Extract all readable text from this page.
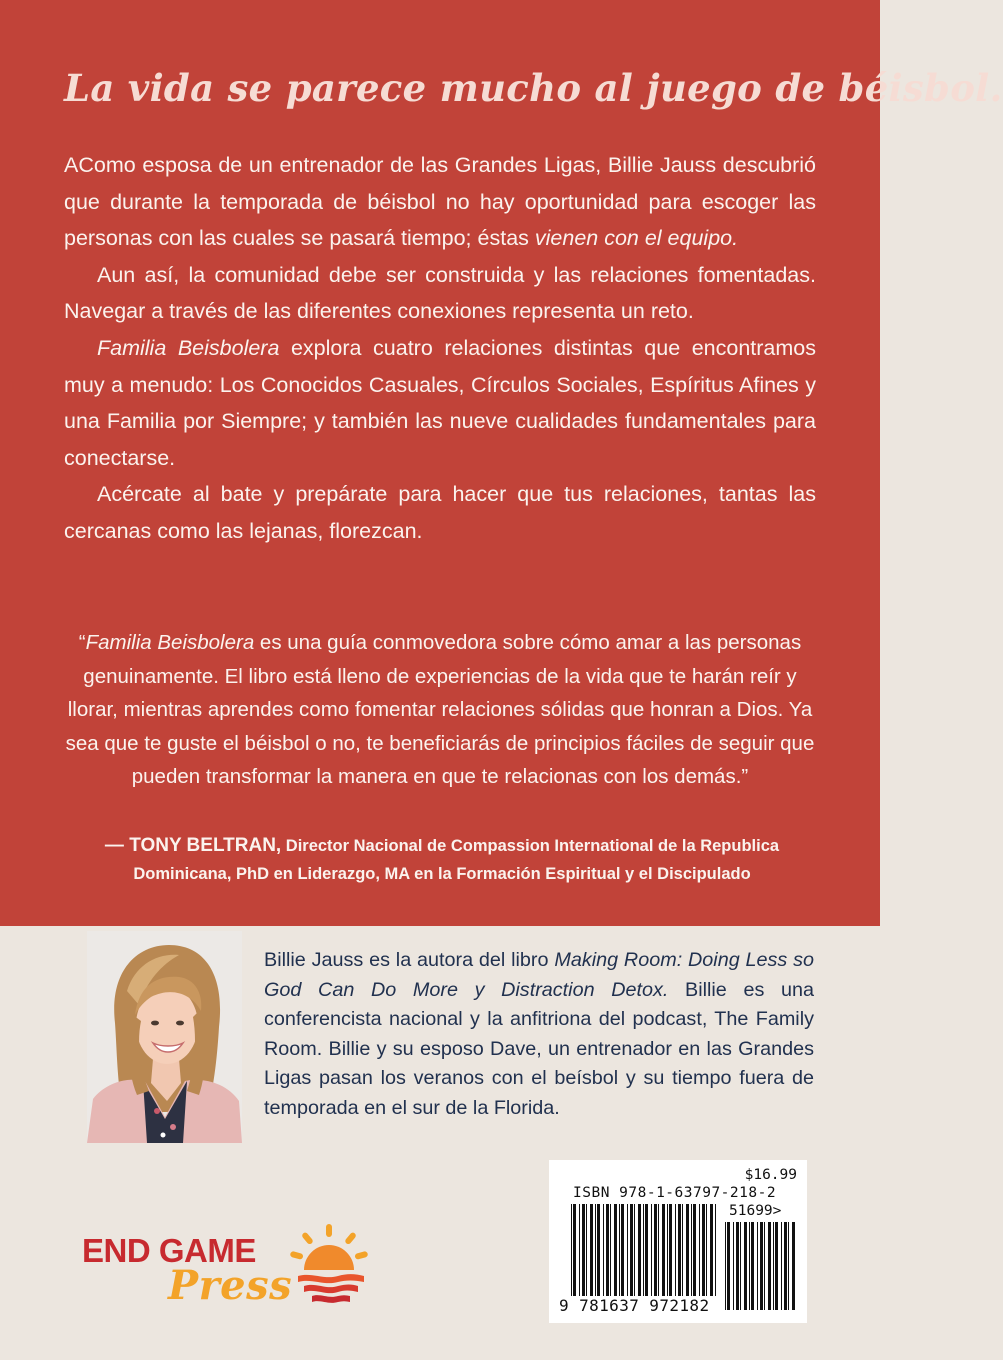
La vida se parece mucho al juego de béisbol.

AComo esposa de un entrenador de las Grandes Ligas, Billie Jauss descubrió que durante la temporada de béisbol no hay oportunidad para escoger las personas con las cuales se pasará tiempo; éstas vienen con el equipo.

Aun así, la comunidad debe ser construida y las relaciones fomentadas. Navegar a través de las diferentes conexiones representa un reto.

Familia Beisbolera explora cuatro relaciones distintas que encontramos muy a menudo: Los Conocidos Casuales, Círculos Sociales, Espíritus Afines y una Familia por Siempre; y también las nueve cualidades fundamentales para conectarse.

Acércate al bate y prepárate para hacer que tus relaciones, tantas las cercanas como las lejanas, florezcan.

“Familia Beisbolera es una guía conmovedora sobre cómo amar a las personas genuinamente. El libro está lleno de experiencias de la vida que te harán reír y llorar, mientras aprendes como fomentar relaciones sólidas que honran a Dios. Ya sea que te guste el béisbol o no, te beneficiarás de principios fáciles de seguir que pueden transformar la manera en que te relacionas con los demás.”

— TONY BELTRAN, Director Nacional de Compassion International de la Republica Dominicana, PhD en Liderazgo, MA en la Formación Espiritual y el Discipulado
Billie Jauss es la autora del libro Making Room: Doing Less so God Can Do More y Distraction Detox. Billie es una conferencista nacional y la anfitriona del podcast, The Family Room. Billie y su esposo Dave, un entrenador en las Grandes Ligas pasan los veranos con el beísbol y su tiempo fuera de temporada en el sur de la Florida.
$16.99
ISBN 978-1-63797-218-2
51699>
9 781637 972182
END GAME
Press
